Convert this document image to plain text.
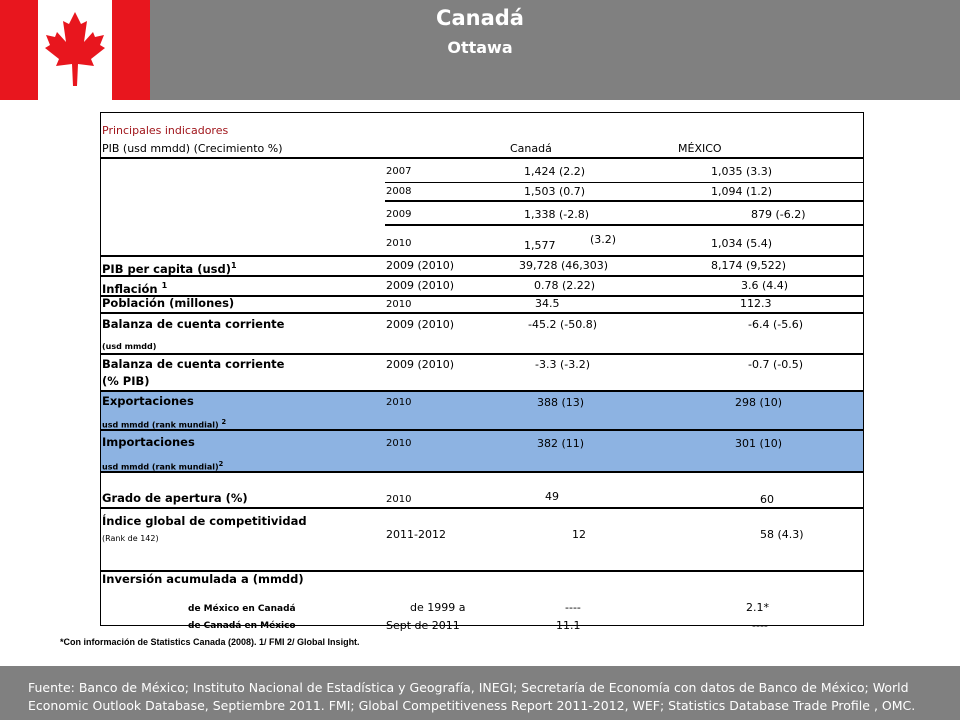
Canadá
Ottawa
Principales indicadores
PIB (usd mmdd) (Crecimiento %)	Canadá	MÉXICO
2007	1,424 (2.2)	1,035 (3.3)
2008	1,503 (0.7)	1,094 (1.2)
2009	1,338 (-2.8)	879 (-6.2)
2010	1,577	(3.2)	1,034 (5.4)
PIB per capita (usd)$^1$	2009 (2010)	39,728 (46,303)	8,174 (9,522)
Inflación $^1$	2009 (2010)	0.78 (2.22)	3.6 (4.4)
Población (millones)	2010	34.5	112.3
Balanza de cuenta corriente
(usd mmdd)
2009 (2010)	-45.2 (-50.8)	-6.4 (-5.6)
Balanza de cuenta corriente
(% PIB)
2009 (2010)	-3.3 (-3.2)	-0.7 (-0.5)
Exportaciones
usd mmdd (rank mundial) $^2$
2010	388 (13)	298 (10)
Importaciones
usd mmdd (rank mundial)$^2$
2010	382 (11)	301 (10)
Grado de apertura (%)	2010	49	60
Índice global de competitividad
(Rank de 142)	2011-2012	12	58 (4.3)
Inversión acumulada a (mmdd)
de México en Canadá	de 1999 a	----	2.1*
de Canadá en México	Sept de 2011	11.1	----
*Con información de Statistics Canada (2008). 1/ FMI 2/ Global Insight.
Fuente: Banco de México; Instituto Nacional de Estadística y Geografía, INEGI; Secretaría de Economía con datos de Banco de México; World Economic Outlook Database, Septiembre 2011. FMI; Global Competitiveness Report 2011-2012, WEF; Statistics Database Trade Profile , OMC.
